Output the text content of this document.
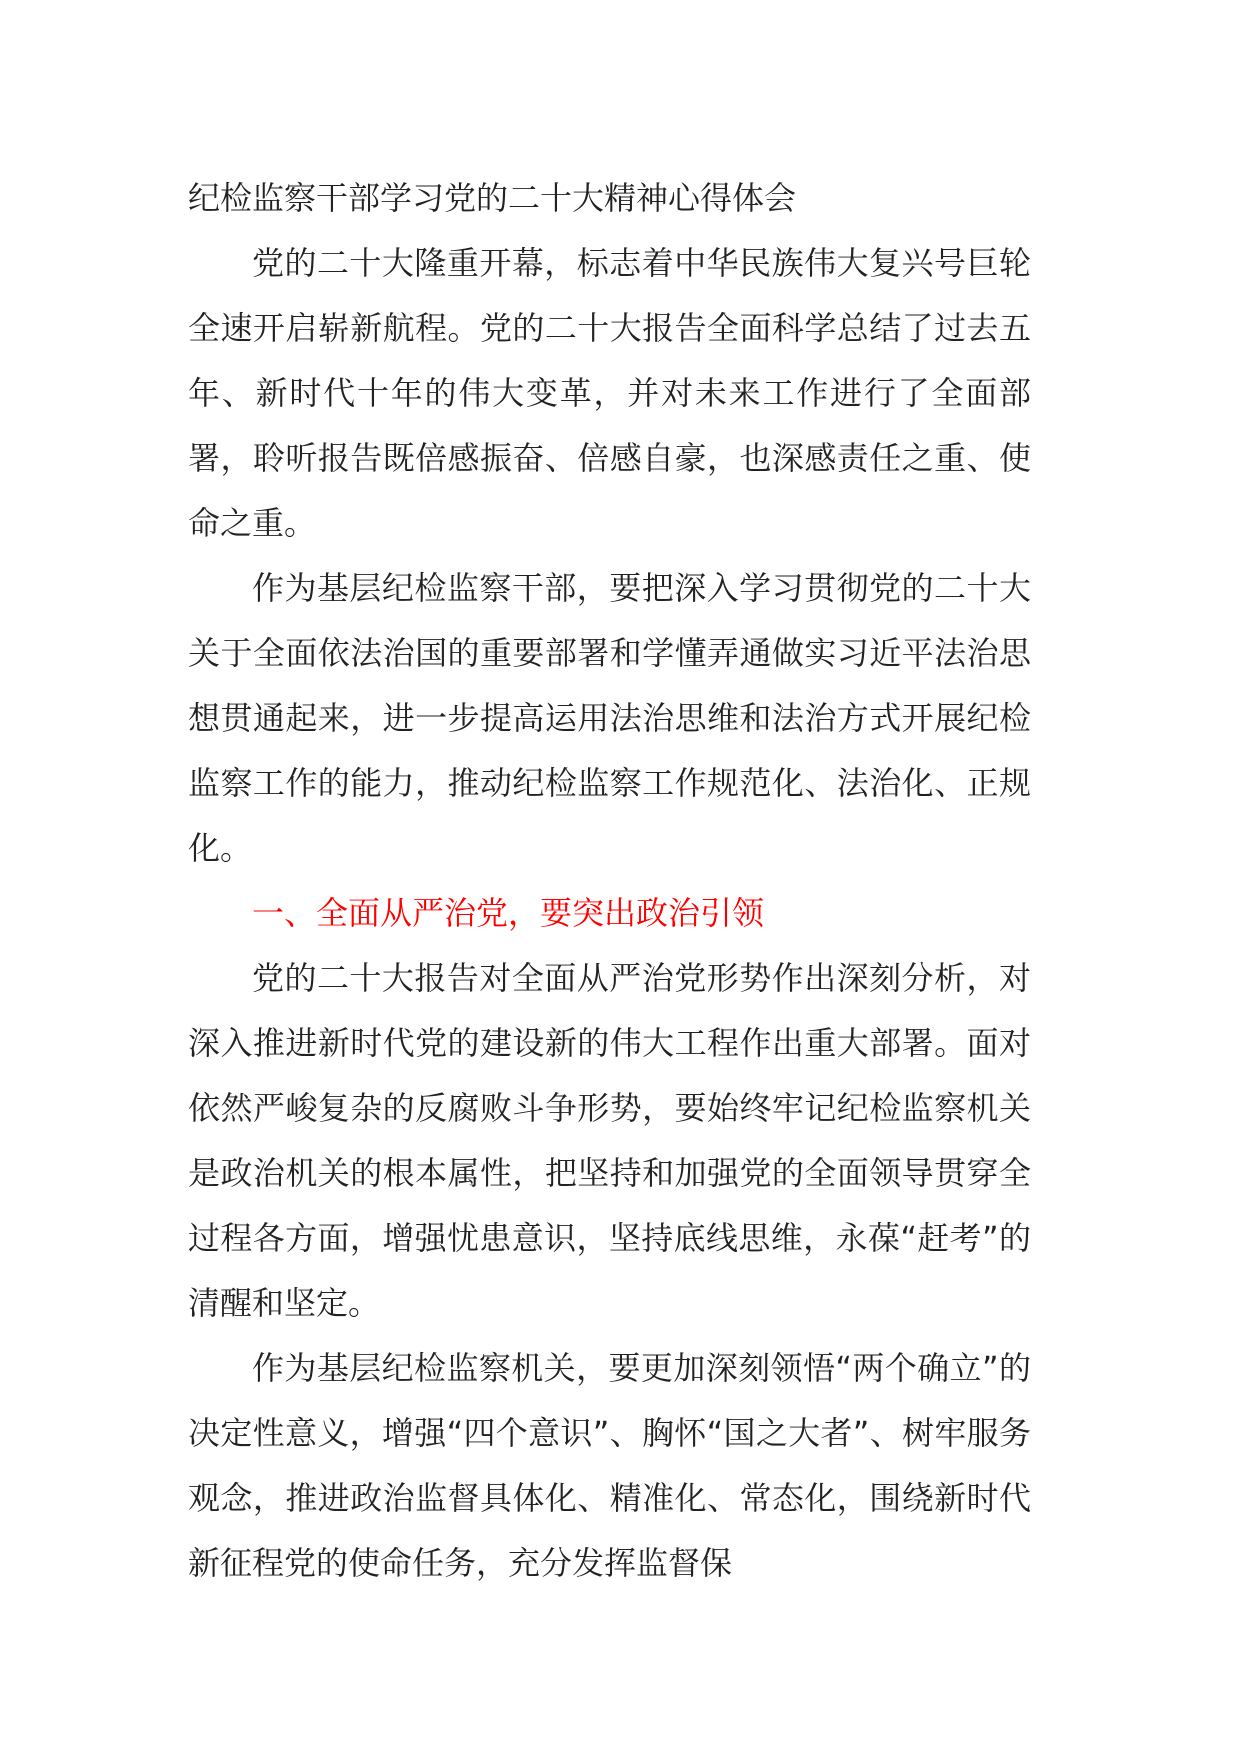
纪检监察干部学习党的二十大精神心得体会

党的二十大隆重开幕，标志着中华民族伟大复兴号巨轮全速开启崭新航程。党的二十大报告全面科学总结了过去五年、新时代十年的伟大变革，并对未来工作进行了全面部署，聆听报告既倍感振奋、倍感自豪，也深感责任之重、使命之重。

作为基层纪检监察干部，要把深入学习贯彻党的二十大关于全面依法治国的重要部署和学懂弄通做实习近平法治思想贯通起来，进一步提高运用法治思维和法治方式开展纪检监察工作的能力，推动纪检监察工作规范化、法治化、正规化。

一、全面从严治党，要突出政治引领

党的二十大报告对全面从严治党形势作出深刻分析，对深入推进新时代党的建设新的伟大工程作出重大部署。面对依然严峻复杂的反腐败斗争形势，要始终牢记纪检监察机关是政治机关的根本属性，把坚持和加强党的全面领导贯穿全过程各方面，增强忧患意识，坚持底线思维，永葆“赶考”的清醒和坚定。

作为基层纪检监察机关，要更加深刻领悟“两个确立”的决定性意义，增强“四个意识”、胸怀“国之大者”、树牢服务观念，推进政治监督具体化、精准化、常态化，围绕新时代新征程党的使命任务，充分发挥监督保
